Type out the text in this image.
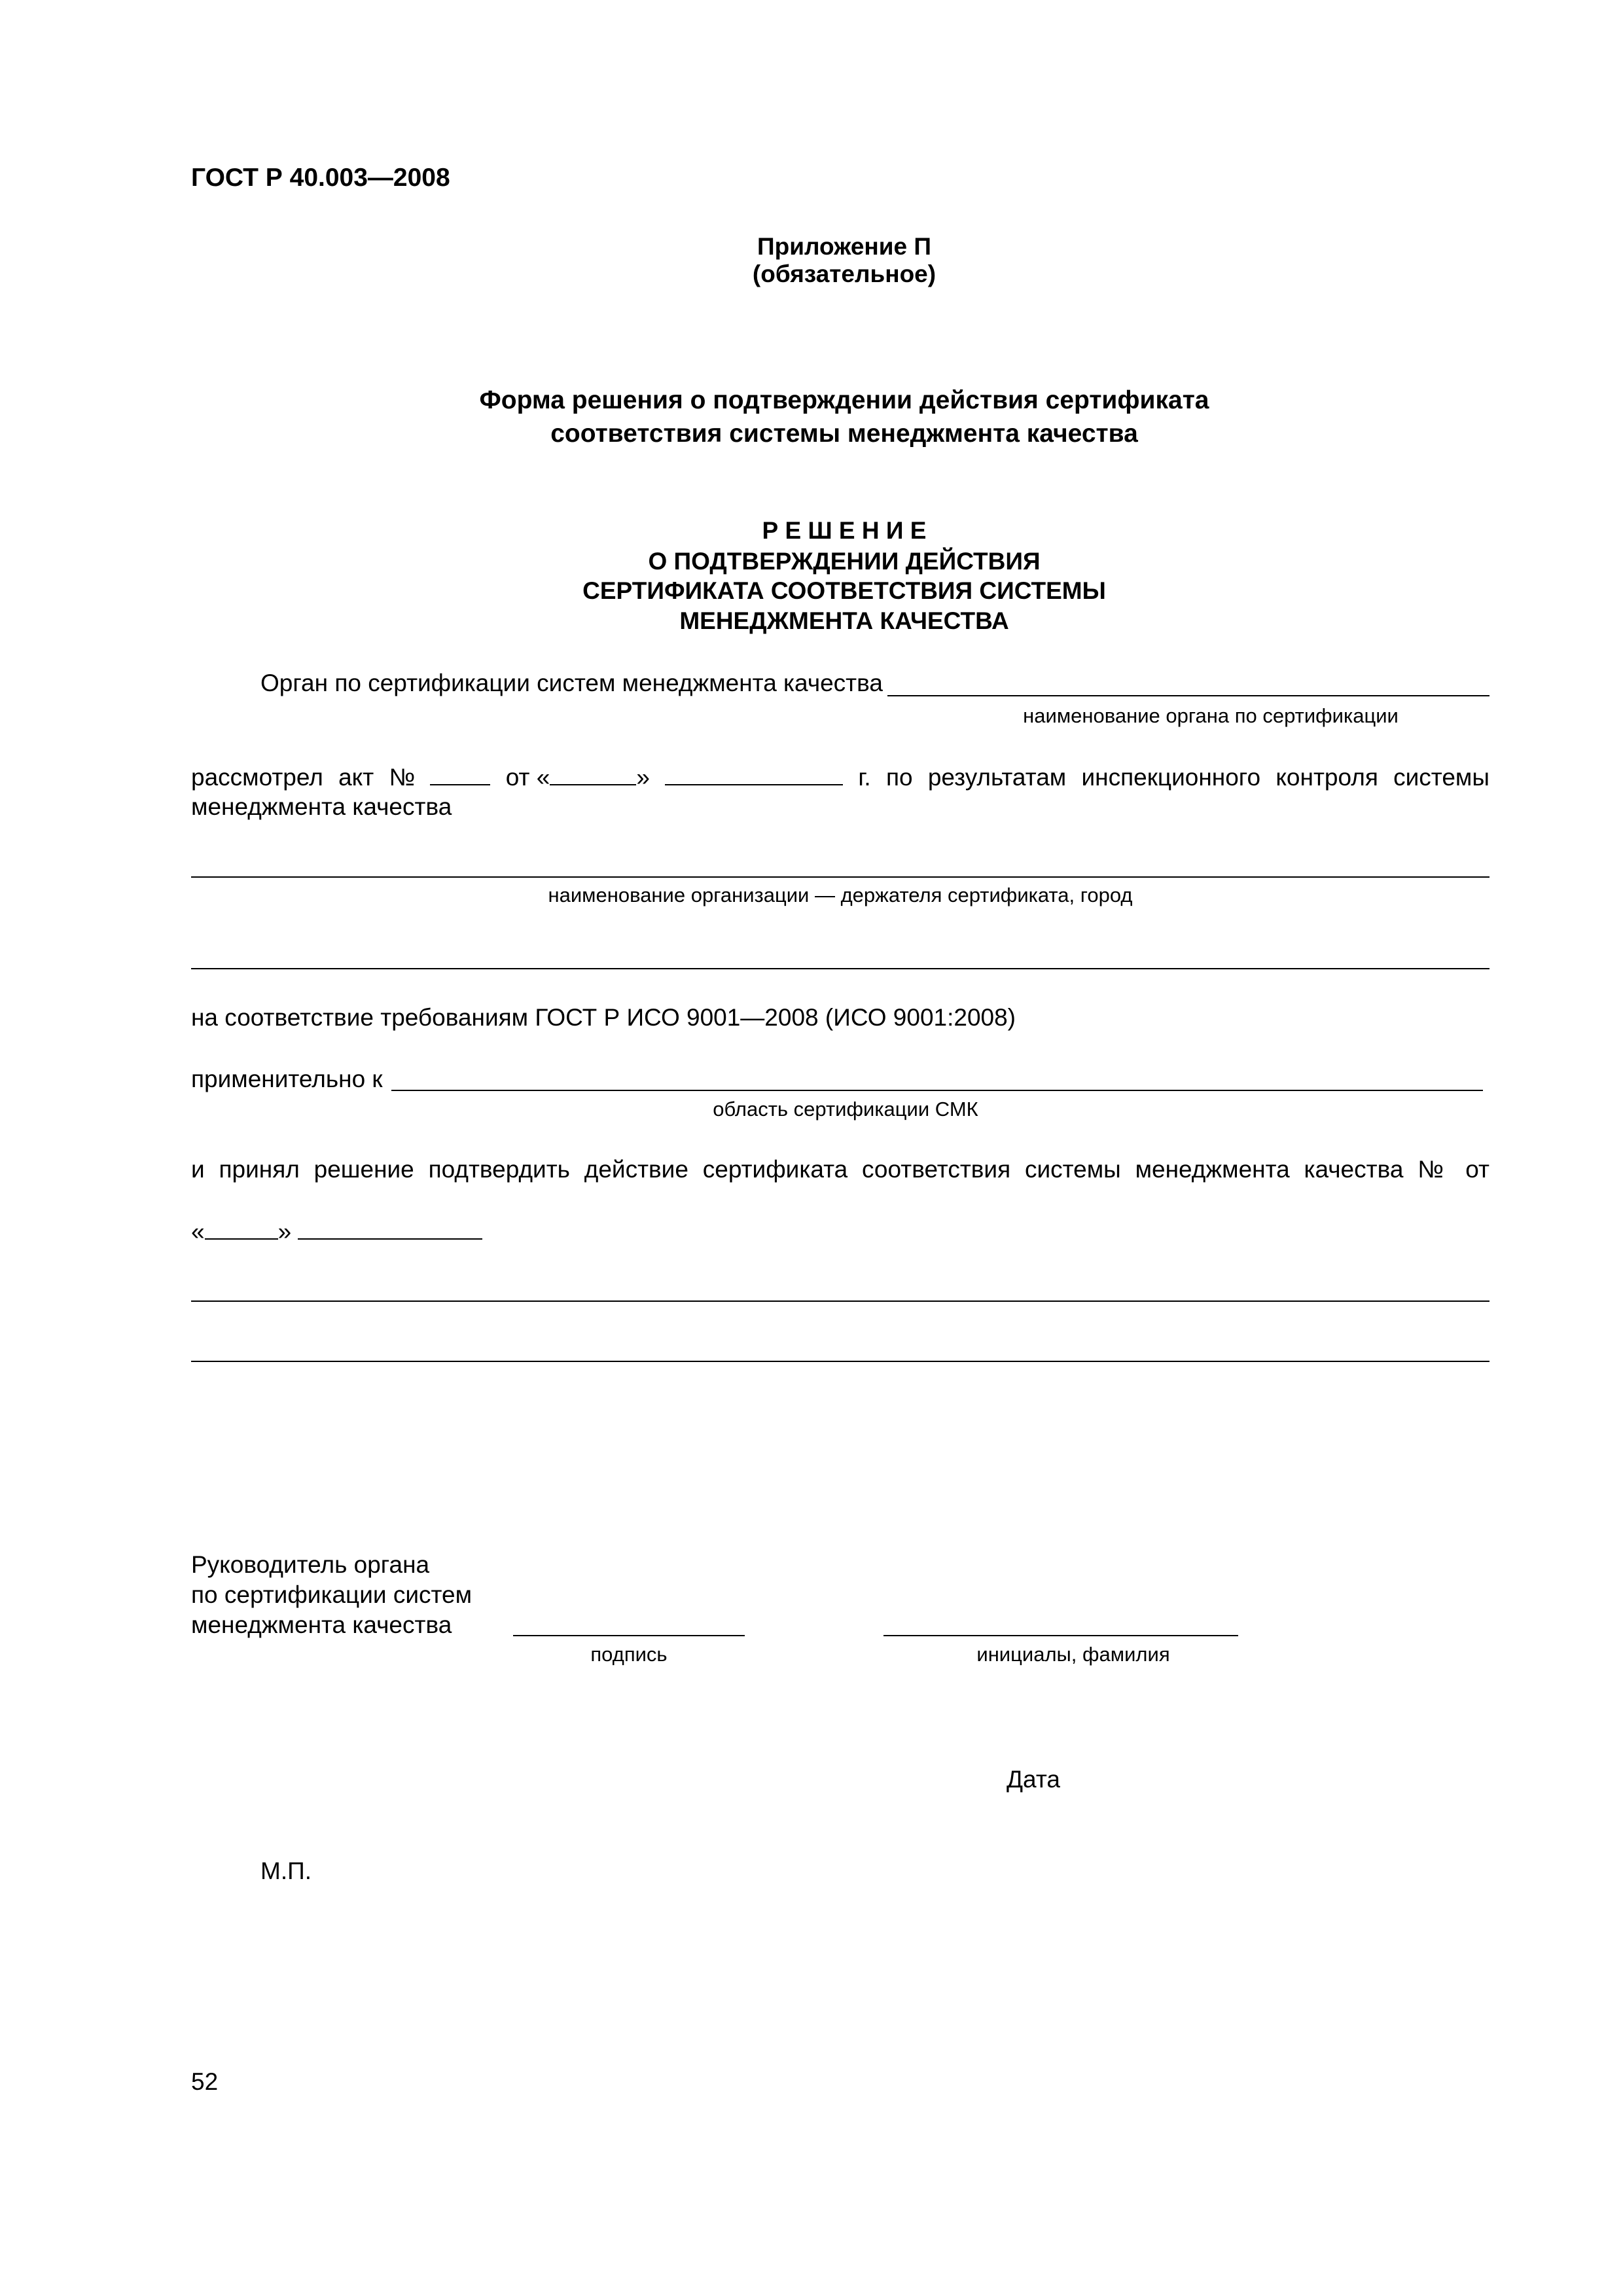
ГОСТ Р 40.003—2008
Приложение П
(обязательное)
Форма решения о подтверждении действия сертификата
соответствия системы менеджмента качества
Р Е Ш Е Н И Е
О ПОДТВЕРЖДЕНИИ ДЕЙСТВИЯ
СЕРТИФИКАТА СООТВЕТСТВИЯ СИСТЕМЫ
МЕНЕДЖМЕНТА КАЧЕСТВА
Орган по сертификации систем менеджмента качества
наименование органа по сертификации
рассмотрел акт №	от «	»	г. по результатам инспекционного контроля системы
менеджмента качества
наименование организации — держателя сертификата, город
на соответствие требованиям ГОСТ Р ИСО 9001—2008 (ИСО 9001:2008)
применительно к
область сертификации СМК
и принял решение подтвердить действие сертификата соответствия системы менеджмента качества № от
«	»
Руководитель органа
по сертификации систем
менеджмента качества
подпись	инициалы, фамилия
Дата
М.П.
52
